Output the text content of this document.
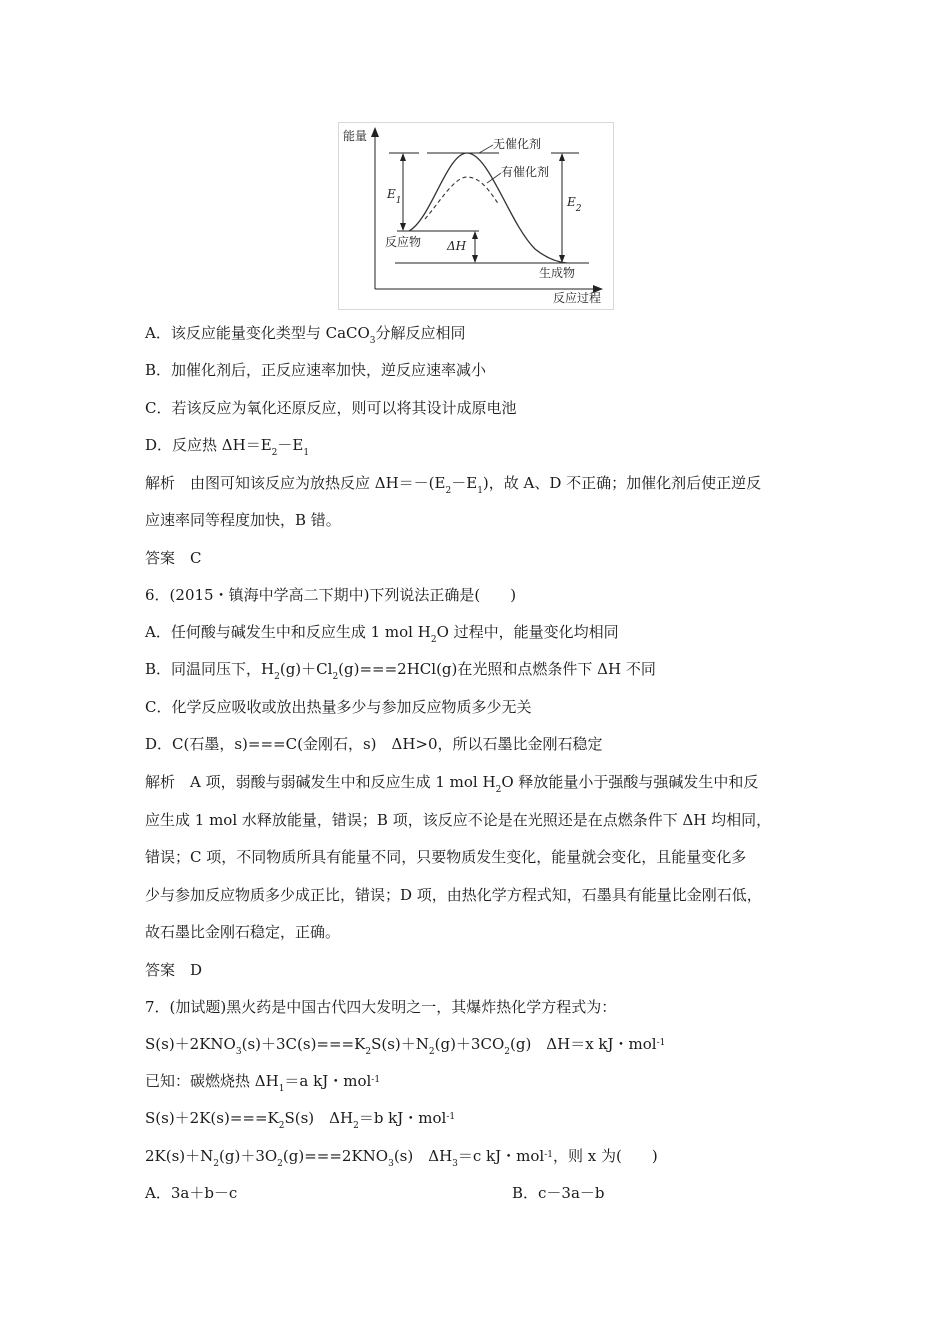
能量
反应过程
无催化剂
有催化剂
反应物
生成物
$E_1$	$E_2$
ΔH
A．该反应能量变化类型与 CaCO$_3$分解反应相同
B．加催化剂后，正反应速率加快，逆反应速率减小
C．若该反应为氧化还原反应，则可以将其设计成原电池
D．反应热 $\Delta H=E_2-E_1$
解析　由图可知该反应为放热反应 $\Delta H=-(E_2-E_1)$，故 A、D 不正确；加催化剂后使正逆反
应速率同等程度加快，B 错。
答案　C
6．(2015・镇海中学高二下期中)下列说法正确是(　　)
A．任何酸与碱发生中和反应生成 1 mol $H_2O$ 过程中，能量变化均相同
B．同温同压下，$H_2(g)+Cl_2(g)===2HCl(g)$在光照和点燃条件下 ΔH 不同
C．化学反应吸收或放出热量多少与参加反应物质多少无关
D．C(石墨，s)===C(金刚石，s)　ΔH>0，所以石墨比金刚石稳定
解析　A 项，弱酸与弱碱发生中和反应生成 1 mol $H_2O$ 释放能量小于强酸与强碱发生中和反
应生成 1 mol 水释放能量，错误；B 项，该反应不论是在光照还是在点燃条件下 ΔH 均相同，
错误；C 项，不同物质所具有能量不同，只要物质发生变化，能量就会变化，且能量变化多
少与参加反应物质多少成正比，错误；D 项，由热化学方程式知，石墨具有能量比金刚石低，
故石墨比金刚石稳定，正确。
答案　D
7．(加试题)黑火药是中国古代四大发明之一，其爆炸热化学方程式为：
$S(s)+2KNO_3(s)+3C(s)===K_2S(s)+N_2(g)+3CO_2(g)$　ΔH＝x kJ・mol$^{-1}$
已知：碳燃烧热 $\Delta H_1=a$ kJ・mol$^{-1}$
$S(s)+2K(s)===K_2S(s)$　$\Delta H_2=b$ kJ・mol$^{-1}$
$2K(s)+N_2(g)+3O_2(g)===2KNO_3(s)$　$\Delta H_3=c$ kJ・mol$^{-1}$，则 x 为(　　)
A．3a＋b－c	B．c－3a－b
